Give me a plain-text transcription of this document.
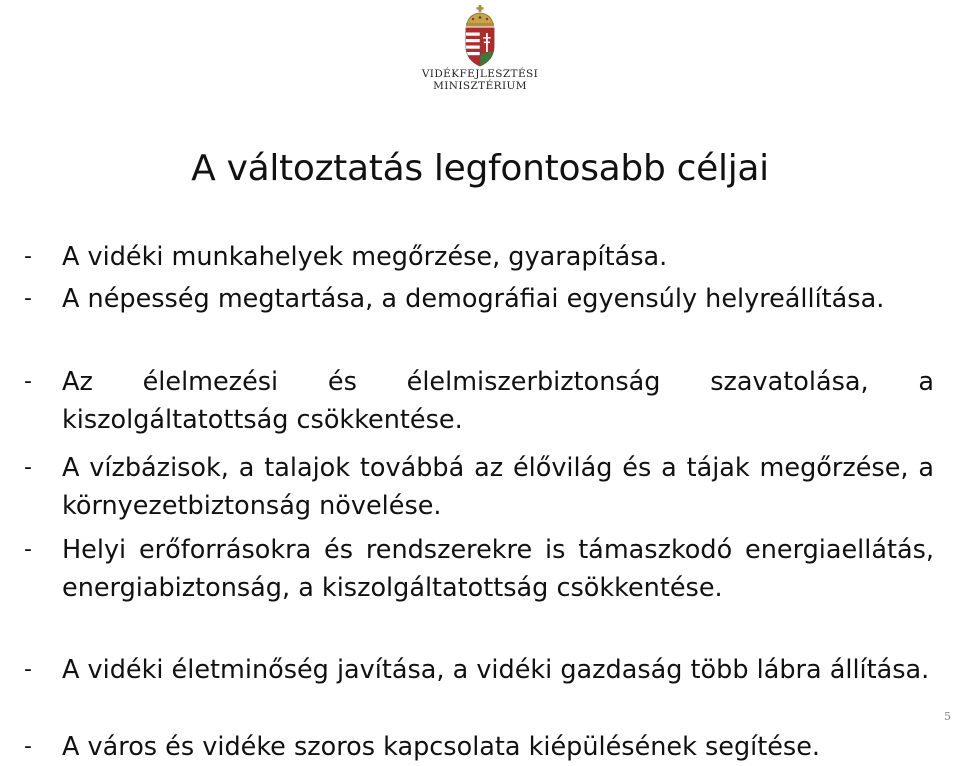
VIDÉKFEJLESZTÉSI
MINISZTÉRIUM
A változtatás legfontosabb céljai
- A vidéki munkahelyek megőrzése, gyarapítása.

- A népesség megtartása, a demográfiai egyensúly helyreállítása.

- Az élelmezési és élelmiszerbiztonság szavatolása, a kiszolgáltatottság csökkentése.

- A vízbázisok, a talajok továbbá az élővilág és a tájak megőrzése, a környezetbiztonság növelése.

- Helyi erőforrásokra és rendszerekre is támaszkodó energiaellátás, energiabiztonság, a kiszolgáltatottság csökkentése.

- A vidéki életminőség javítása, a vidéki gazdaság több lábra állítása.

- A város és vidéke szoros kapcsolata kiépülésének segítése.

5
